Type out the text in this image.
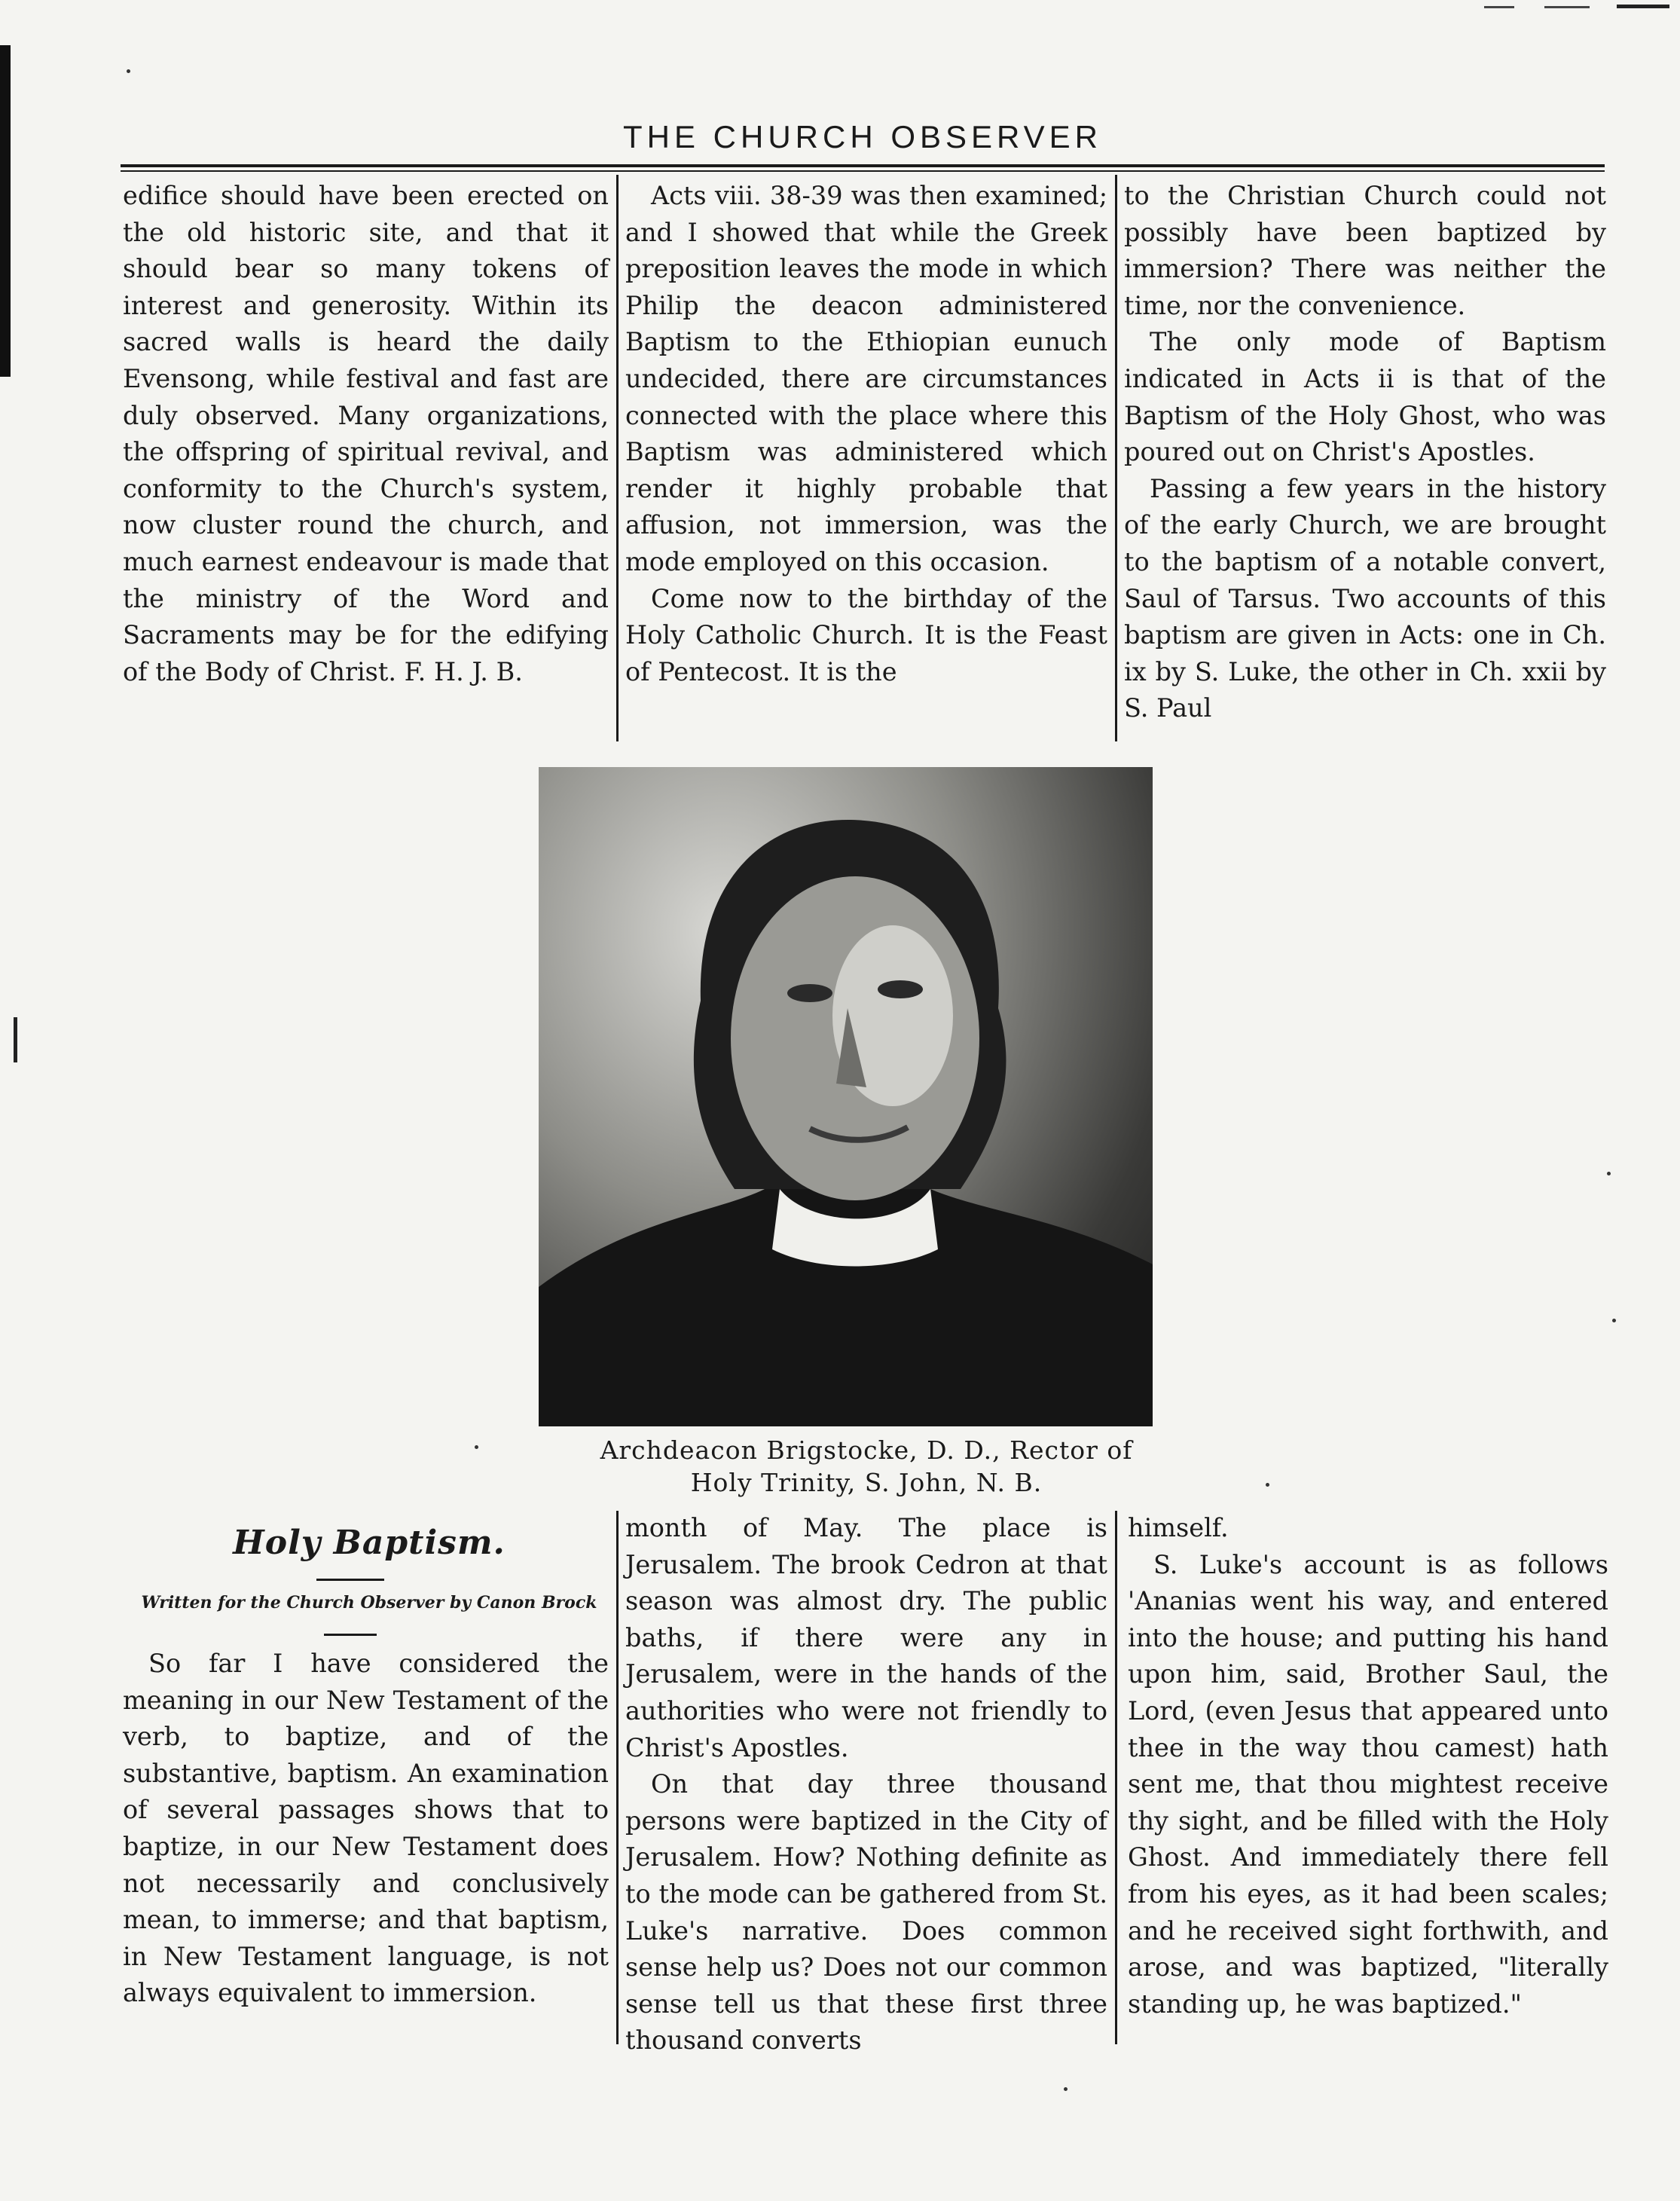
THE CHURCH OBSERVER

edifice should have been erected on the old historic site, and that it should bear so many tokens of interest and generosity. Within its sacred walls is heard the daily Evensong, while festival and fast are duly observed. Many organizations, the offspring of spiritual revival, and conformity to the Church's system, now cluster round the church, and much earnest endeavour is made that the ministry of the Word and Sacraments may be for the edifying of the Body of Christ. F. H. J. B.

Acts viii. 38-39 was then examined; and I showed that while the Greek preposition leaves the mode in which Philip the deacon administered Baptism to the Ethiopian eunuch undecided, there are circumstances connected with the place where this Baptism was administered which render it highly probable that affusion, not immersion, was the mode employed on this occasion.

Come now to the birthday of the Holy Catholic Church. It is the Feast of Pentecost. It is the

to the Christian Church could not possibly have been baptized by immersion? There was neither the time, nor the convenience.

The only mode of Baptism indicated in Acts ii is that of the Baptism of the Holy Ghost, who was poured out on Christ's Apostles.

Passing a few years in the history of the early Church, we are brought to the baptism of a notable convert, Saul of Tarsus. Two accounts of this baptism are given in Acts: one in Ch. ix by S. Luke, the other in Ch. xxii by S. Paul

Archdeacon Brigstocke, D. D., Rector of
Holy Trinity, S. John, N. B.
Holy Baptism.
Written for the Church Observer by Canon Brock

So far I have considered the meaning in our New Testament of the verb, to baptize, and of the substantive, baptism. An examination of several passages shows that to baptize, in our New Testament does not necessarily and conclusively mean, to immerse; and that baptism, in New Testament language, is not always equivalent to immersion.

month of May. The place is Jerusalem. The brook Cedron at that season was almost dry. The public baths, if there were any in Jerusalem, were in the hands of the authorities who were not friendly to Christ's Apostles.

On that day three thousand persons were baptized in the City of Jerusalem. How? Nothing definite as to the mode can be gathered from St. Luke's narrative. Does common sense help us? Does not our common sense tell us that these first three thousand converts

himself.

S. Luke's account is as follows 'Ananias went his way, and entered into the house; and putting his hand upon him, said, Brother Saul, the Lord, (even Jesus that appeared unto thee in the way thou camest) hath sent me, that thou mightest receive thy sight, and be filled with the Holy Ghost. And immediately there fell from his eyes, as it had been scales; and he received sight forthwith, and arose, and was baptized, "literally standing up, he was baptized."
